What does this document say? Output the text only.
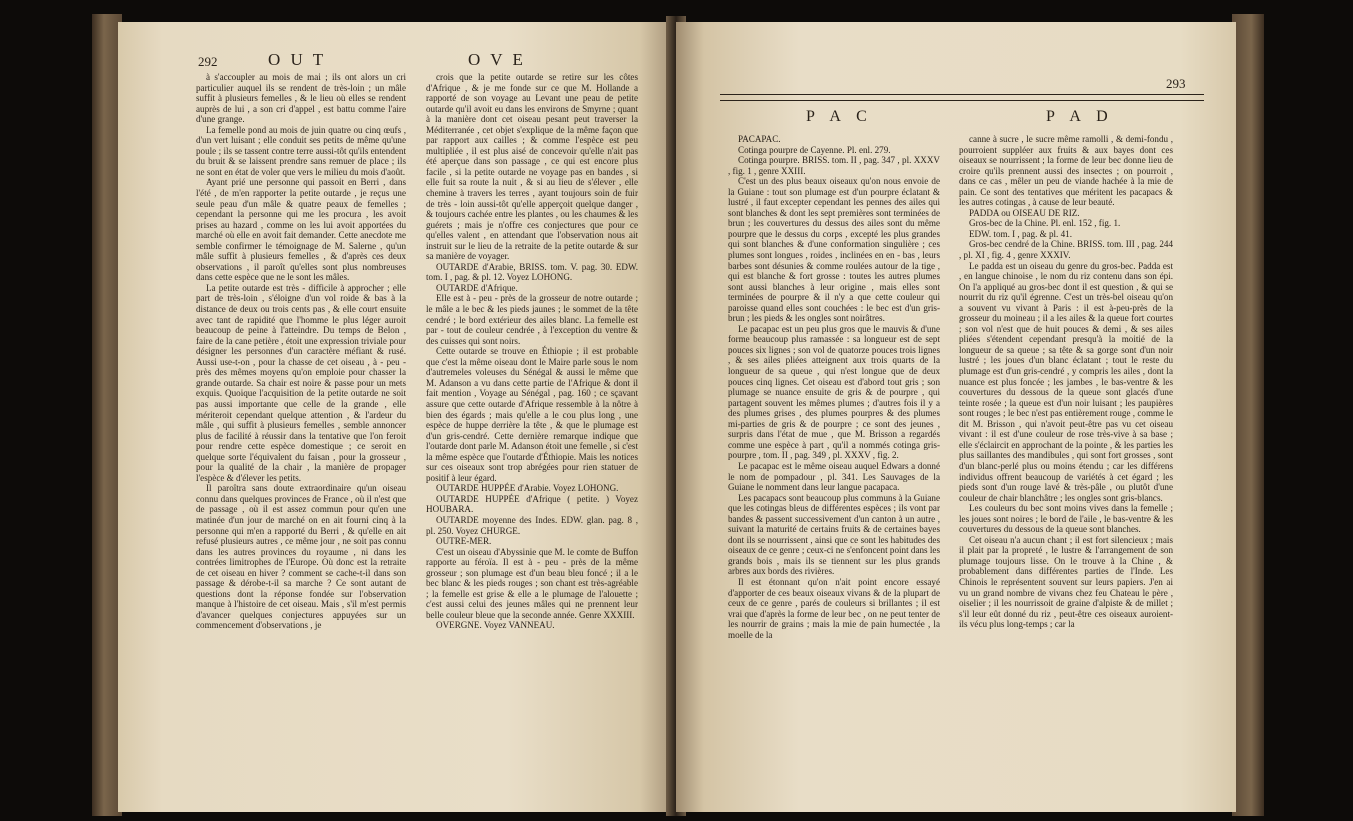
292	O U T	O V E

à s'accoupler au mois de mai ; ils ont alors un cri particulier auquel ils se rendent de très-loin ; un mâle suffit à plusieurs femelles , & le lieu où elles se rendent auprès de lui , a son cri d'appel , est battu comme l'aire d'une grange.

La femelle pond au mois de juin quatre ou cinq œufs , d'un vert luisant ; elle conduit ses petits de même qu'une poule ; ils se tassent contre terre aussi-tôt qu'ils entendent du bruit & se laissent prendre sans remuer de place ; ils ne sont en état de voler que vers le milieu du mois d'août.

Ayant prié une personne qui passoit en Berri , dans l'été , de m'en rapporter la petite outarde , je reçus une seule peau d'un mâle & quatre peaux de femelles ; cependant la personne qui me les procura , les avoit prises au hazard , comme on les lui avoit apportées du marché où elle en avoit fait demander. Cette anecdote me semble confirmer le témoignage de M. Salerne , qu'un mâle suffit à plusieurs femelles , & d'après ces deux observations , il paroît qu'elles sont plus nombreuses dans cette espèce que ne le sont les mâles.

La petite outarde est très - difficile à approcher ; elle part de très-loin , s'éloigne d'un vol roide & bas à la distance de deux ou trois cents pas , & elle court ensuite avec tant de rapidité que l'homme le plus léger auroit beaucoup de peine à l'atteindre. Du temps de Belon , faire de la cane petière , étoit une expression triviale pour désigner les personnes d'un caractère méfiant & rusé. Aussi use-t-on , pour la chasse de cet oiseau , à - peu - près des mêmes moyens qu'on emploie pour chasser la grande outarde. Sa chair est noire & passe pour un mets exquis. Quoique l'acquisition de la petite outarde ne soit pas aussi importante que celle de la grande , elle mériteroit cependant quelque attention , & l'ardeur du mâle , qui suffit à plusieurs femelles , semble annoncer plus de facilité à réussir dans la tentative que l'on feroit pour rendre cette espèce domestique ; ce seroit en quelque sorte l'équivalent du faisan , pour la grosseur , pour la qualité de la chair , la manière de propager l'espèce & d'élever les petits.

Il paroîtra sans doute extraordinaire qu'un oiseau connu dans quelques provinces de France , où il n'est que de passage , où il est assez commun pour qu'en une matinée d'un jour de marché on en ait fourni cinq à la personne qui m'en a rapporté du Berri , & qu'elle en ait refusé plusieurs autres , ce même jour , ne soit pas connu dans les autres provinces du royaume , ni dans les contrées limitrophes de l'Europe. Où donc est la retraite de cet oiseau en hiver ? comment se cache-t-il dans son passage & dérobe-t-il sa marche ? Ce sont autant de questions dont la réponse fondée sur l'observation manque à l'histoire de cet oiseau. Mais , s'il m'est permis d'avancer quelques conjectures appuyées sur un commencement d'observations , je

crois que la petite outarde se retire sur les côtes d'Afrique , & je me fonde sur ce que M. Hollande a rapporté de son voyage au Levant une peau de petite outarde qu'il avoit eu dans les environs de Smyrne ; quant à la manière dont cet oiseau pesant peut traverser la Méditerranée , cet objet s'explique de la même façon que par rapport aux cailles ; & comme l'espèce est peu multipliée , il est plus aisé de concevoir qu'elle n'ait pas été aperçue dans son passage , ce qui est encore plus facile , si la petite outarde ne voyage pas en bandes , si elle fuit sa route la nuit , & si au lieu de s'élever , elle chemine à travers les terres , ayant toujours soin de fuir de très - loin aussi-tôt qu'elle apperçoit quelque danger , & toujours cachée entre les plantes , ou les chaumes & les guérets ; mais je n'offre ces conjectures que pour ce qu'elles valent , en attendant que l'observation nous ait instruit sur le lieu de la retraite de la petite outarde & sur sa manière de voyager.

OUTARDE d'Arabie, BRISS. tom. V. pag. 30. EDW. tom. I , pag. & pl. 12. Voyez LOHONG.

OUTARDE d'Afrique.

Elle est à - peu - près de la grosseur de notre outarde ; le mâle a le bec & les pieds jaunes ; le sommet de la tête cendré ; le bord extérieur des ailes blanc. La femelle est par - tout de couleur cendrée , à l'exception du ventre & des cuisses qui sont noirs.

Cette outarde se trouve en Éthiopie ; il est probable que c'est la même oiseau dont le Maire parle sous le nom d'autremeles voleuses du Sénégal & aussi le même que M. Adanson a vu dans cette partie de l'Afrique & dont il fait mention , Voyage au Sénégal , pag. 160 ; ce sçavant assure que cette outarde d'Afrique ressemble à la nôtre à bien des égards ; mais qu'elle a le cou plus long , une espèce de huppe derrière la tête , & que le plumage est d'un gris-cendré. Cette dernière remarque indique que l'outarde dont parle M. Adanson étoit une femelle , si c'est la même espèce que l'outarde d'Éthiopie. Mais les notices sur ces oiseaux sont trop abrégées pour rien statuer de positif à leur égard.

OUTARDE HUPPÉE d'Arabie. Voyez LOHONG.

OUTARDE HUPPÉE d'Afrique ( petite. ) Voyez HOUBARA.

OUTARDE moyenne des Indes. EDW. glan. pag. 8 , pl. 250. Voyez CHURGE.

OUTRE-MER.

C'est un oiseau d'Abyssinie que M. le comte de Buffon rapporte au féroïa. Il est à - peu - près de la même grosseur ; son plumage est d'un beau bleu foncé ; il a le bec blanc & les pieds rouges ; son chant est très-agréable ; la femelle est grise & elle a le plumage de l'alouette ; c'est aussi celui des jeunes mâles qui ne prennent leur belle couleur bleue que la seconde année. Genre XXXIII.

OVERGNE. Voyez VANNEAU.

293
P A C	P A D

PACAPAC.

Cotinga pourpre de Cayenne. Pl. enl. 279.

Cotinga pourpre. BRISS. tom. II , pag. 347 , pl. XXXV , fig. 1 , genre XXIII.

C'est un des plus beaux oiseaux qu'on nous envoie de la Guiane : tout son plumage est d'un pourpre éclatant & lustré , il faut excepter cependant les pennes des ailes qui sont blanches & dont les sept premières sont terminées de brun ; les couvertures du dessus des ailes sont du même pourpre que le dessus du corps , excepté les plus grandes qui sont blanches & d'une conformation singulière ; ces plumes sont longues , roides , inclinées en en - bas , leurs barbes sont désunies & comme roulées autour de la tige , qui est blanche & fort grosse : toutes les autres plumes sont aussi blanches à leur origine , mais elles sont terminées de pourpre & il n'y a que cette couleur qui paroisse quand elles sont couchées : le bec est d'un gris-brun ; les pieds & les ongles sont noirâtres.

Le pacapac est un peu plus gros que le mauvis & d'une forme beaucoup plus ramassée : sa longueur est de sept pouces six lignes ; son vol de quatorze pouces trois lignes , & ses ailes pliées atteignent aux trois quarts de la longueur de sa queue , qui n'est longue que de deux pouces cinq lignes. Cet oiseau est d'abord tout gris ; son plumage se nuance ensuite de gris & de pourpre , qui partagent souvent les mêmes plumes ; d'autres fois il y a des plumes grises , des plumes pourpres & des plumes mi-parties de gris & de pourpre ; ce sont des jeunes , surpris dans l'état de mue , que M. Brisson a regardés comme une espèce à part , qu'il a nommés cotinga gris-pourpre , tom. II , pag. 349 , pl. XXXV , fig. 2.

Le pacapac est le même oiseau auquel Edwars a donné le nom de pompadour , pl. 341. Les Sauvages de la Guiane le nomment dans leur langue pacapaca.

Les pacapacs sont beaucoup plus communs à la Guiane que les cotingas bleus de différentes espèces ; ils vont par bandes & passent successivement d'un canton à un autre , suivant la maturité de certains fruits & de certaines bayes dont ils se nourrissent , ainsi que ce sont les habitudes des oiseaux de ce genre ; ceux-ci ne s'enfoncent point dans les grands bois , mais ils se tiennent sur les plus grands arbres aux bords des rivières.

Il est étonnant qu'on n'ait point encore essayé d'apporter de ces beaux oiseaux vivans & de la plupart de ceux de ce genre , parés de couleurs si brillantes ; il est vrai que d'après la forme de leur bec , on ne peut tenter de les nourrir de grains ; mais la mie de pain humectée , la moelle de la

canne à sucre , le sucre même ramolli , & demi-fondu , pourroient suppléer aux fruits & aux bayes dont ces oiseaux se nourrissent ; la forme de leur bec donne lieu de croire qu'ils prennent aussi des insectes ; on pourroit , dans ce cas , mêler un peu de viande hachée à la mie de pain. Ce sont des tentatives que méritent les pacapacs & les autres cotingas , à cause de leur beauté.

PADDA ou OISEAU DE RIZ.

Gros-bec de la Chine. Pl. enl. 152 , fig. 1.

EDW. tom. I , pag. & pl. 41.

Gros-bec cendré de la Chine. BRISS. tom. III , pag. 244 , pl. XI , fig. 4 , genre XXXIV.

Le padda est un oiseau du genre du gros-bec. Padda est , en langue chinoise , le nom du riz contenu dans son épi. On l'a appliqué au gros-bec dont il est question , & qui se nourrit du riz qu'il égrenne. C'est un très-bel oiseau qu'on a souvent vu vivant à Paris : il est à-peu-près de la grosseur du moineau ; il a les ailes & la queue fort courtes ; son vol n'est que de huit pouces & demi , & ses ailes pliées s'étendent cependant presqu'à la moitié de la longueur de sa queue ; sa tête & sa gorge sont d'un noir lustré ; les joues d'un blanc éclatant ; tout le reste du plumage est d'un gris-cendré , y compris les ailes , dont la nuance est plus foncée ; les jambes , le bas-ventre & les couvertures du dessous de la queue sont glacés d'une teinte rosée ; la queue est d'un noir luisant ; les paupières sont rouges ; le bec n'est pas entièrement rouge , comme le dit M. Brisson , qui n'avoit peut-être pas vu cet oiseau vivant : il est d'une couleur de rose très-vive à sa base ; elle s'éclaircit en approchant de la pointe , & les parties les plus saillantes des mandibules , qui sont fort grosses , sont d'un blanc-perlé plus ou moins étendu ; car les différens individus offrent beaucoup de variétés à cet égard ; les pieds sont d'un rouge lavé & très-pâle , ou plutôt d'une couleur de chair blanchâtre ; les ongles sont gris-blancs.

Les couleurs du bec sont moins vives dans la femelle ; les joues sont noires ; le bord de l'aile , le bas-ventre & les couvertures du dessous de la queue sont blanches.

Cet oiseau n'a aucun chant ; il est fort silencieux ; mais il plait par la propreté , le lustre & l'arrangement de son plumage toujours lisse. On le trouve à la Chine , & probablement dans différentes parties de l'Inde. Les Chinois le représentent souvent sur leurs papiers. J'en ai vu un grand nombre de vivans chez feu Chateau le père , oiselier ; il les nourrissoit de graine d'alpiste & de millet ; s'il leur eût donné du riz , peut-être ces oiseaux auroient-ils vécu plus long-temps ; car la
